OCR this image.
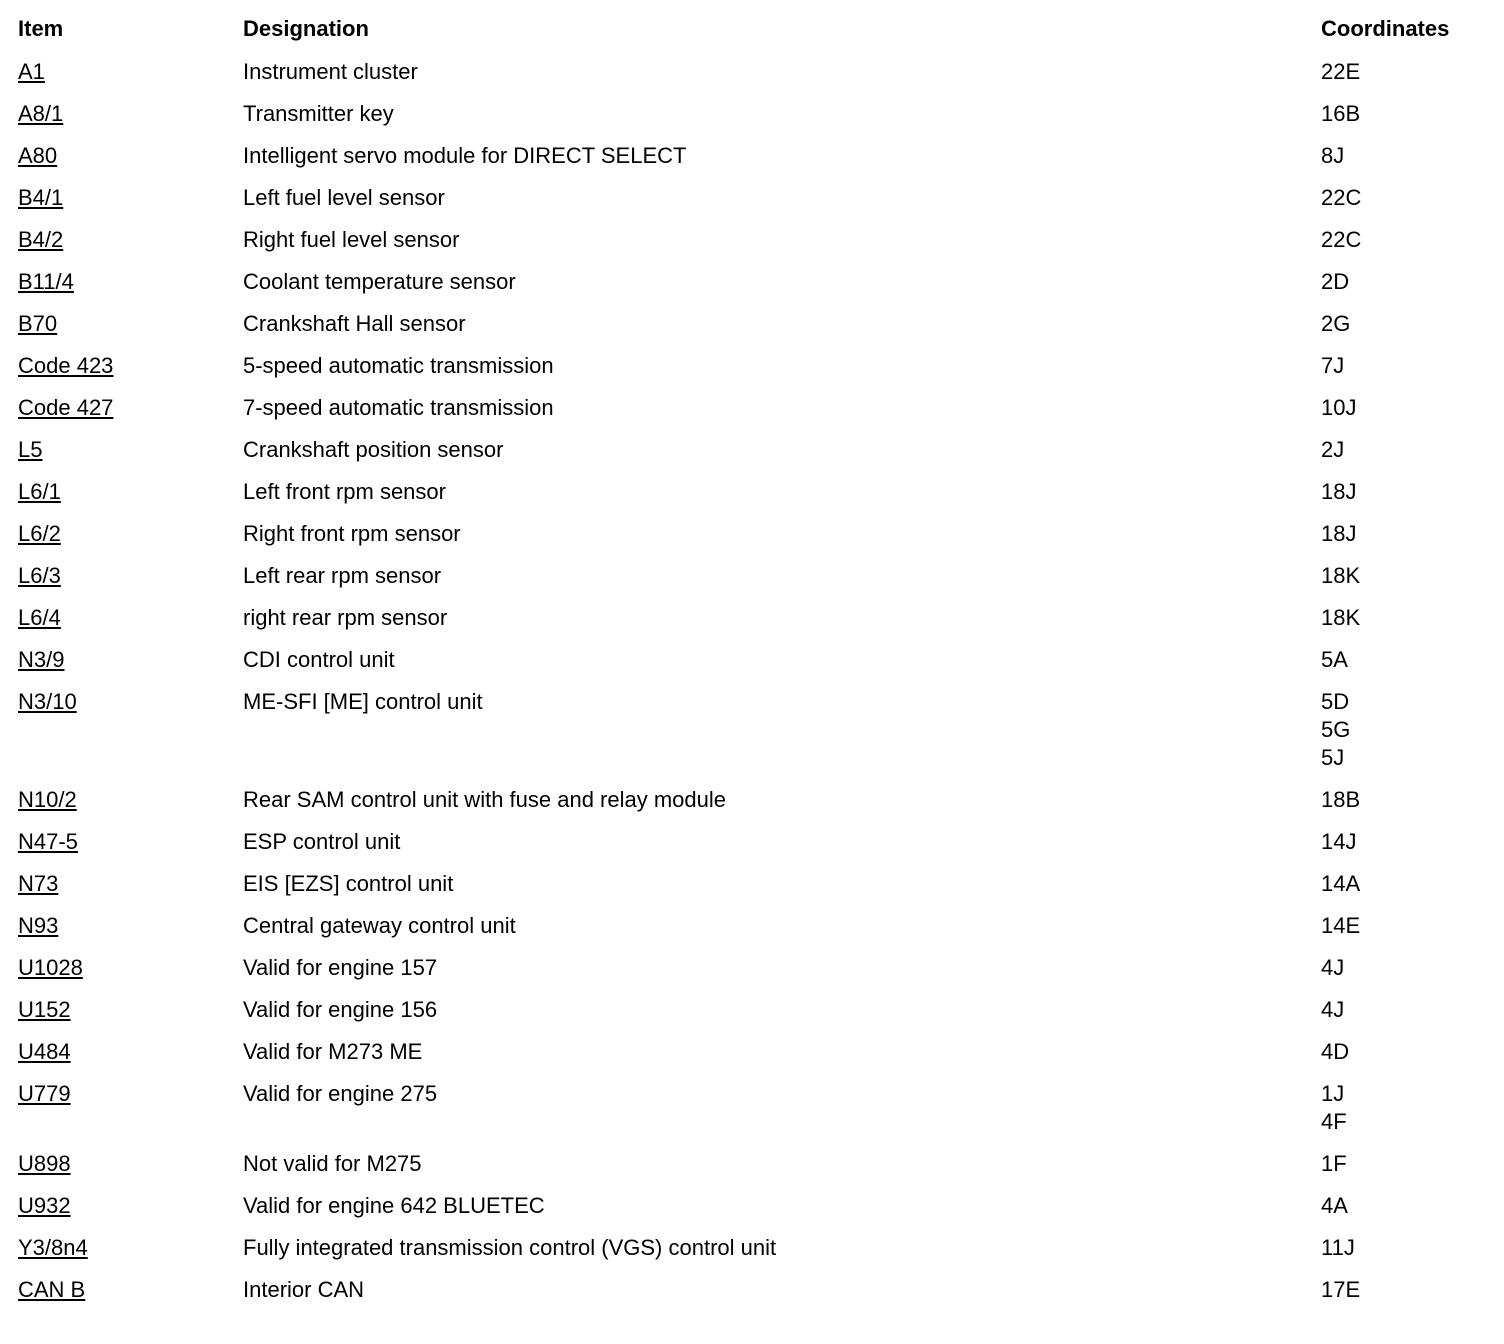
Item	Designation	Coordinates
A1	Instrument cluster	22E
A8/1	Transmitter key	16B
A80	Intelligent servo module for DIRECT SELECT	8J
B4/1	Left fuel level sensor	22C
B4/2	Right fuel level sensor	22C
B11/4	Coolant temperature sensor	2D
B70	Crankshaft Hall sensor	2G
Code 423	5-speed automatic transmission	7J
Code 427	7-speed automatic transmission	10J
L5	Crankshaft position sensor	2J
L6/1	Left front rpm sensor	18J
L6/2	Right front rpm sensor	18J
L6/3	Left rear rpm sensor	18K
L6/4	right rear rpm sensor	18K
N3/9	CDI control unit	5A
N3/10	ME-SFI [ME] control unit	5D
5G
5J
N10/2	Rear SAM control unit with fuse and relay module	18B
N47-5	ESP control unit	14J
N73	EIS [EZS] control unit	14A
N93	Central gateway control unit	14E
U1028	Valid for engine 157	4J
U152	Valid for engine 156	4J
U484	Valid for M273 ME	4D
U779	Valid for engine 275	1J
4F
U898	Not valid for M275	1F
U932	Valid for engine 642 BLUETEC	4A
Y3/8n4	Fully integrated transmission control (VGS) control unit	11J
CAN B	Interior CAN	17E
